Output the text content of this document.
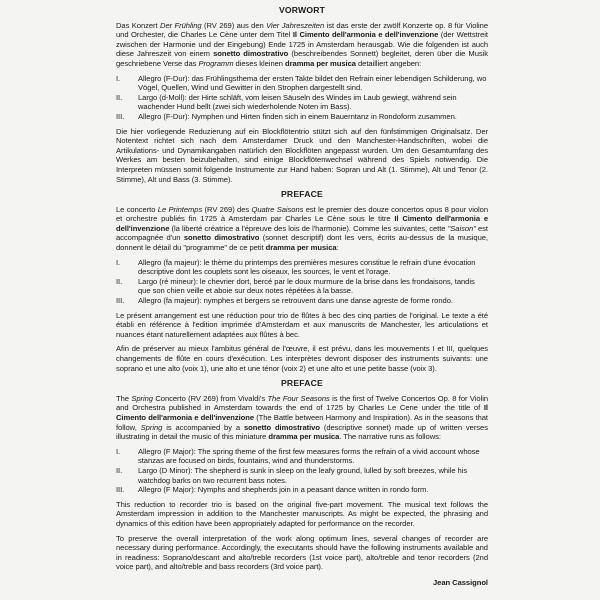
VORWORT

Das Konzert Der Frühling (RV 269) aus den Vier Jahreszeiten ist das erste der zwölf Konzerte op. 8 für Violine und Orchester, die Charles Le Cène unter dem Titel Il Cimento dell'armonia e dell'invenzione (der Wettstreit zwischen der Harmonie und der Eingebung) Ende 1725 in Amsterdam herausgab. Wie die folgenden ist auch diese Jahreszeit von einem sonetto dimostrativo (beschreibendes Sonnett) begleitet, deren über die Musik geschriebene Verse das Programm dieses kleinen dramma per musica detailliert angeben:

I. Allegro (F-Dur): das Frühlingsthema der ersten Takte bildet den Refrain einer lebendigen Schilderung, wo Vögel, Quellen, Wind und Gewitter in den Strophen dargestellt sind.
II. Largo (d-Moll): der Hirte schläft, vom leisen Säuseln des Windes im Laub gewiegt, während sein wachender Hund bellt (zwei sich wiederholende Noten im Bass).
III. Allegro (F-Dur): Nymphen und Hirten finden sich in einem Bauerntanz in Rondoform zusammen.

Die hier vorliegende Reduzierung auf ein Blockflötentrio stützt sich auf den fünfstimmigen Originalsatz. Der Notentext richtet sich nach dem Amsterdamer Druck und den Manchester-Handschriften, wobei die Artikulations- und Dynamikangaben natürlich den Blockflöten angepasst wurden. Um den Gesamtumfang des Werkes am besten beizubehalten, sind einige Blockflötenwechsel während des Spiels notwendig. Die Interpreten müssen somit folgende Instrumente zur Hand haben: Sopran und Alt (1. Stimme), Alt und Tenor (2. Stimme), Alt und Bass (3. Stimme).

PREFACE

Le concerto Le Printemps (RV 269) des Quatre Saisons est le premier des douze concertos opus 8 pour violon et orchestre publiés fin 1725 à Amsterdam par Charles Le Cène sous le titre Il Cimento dell'armonia e dell'invenzione (la liberté créatrice a l'épreuve des lois de l'harmonie). Comme les suivantes, cette "Saison" est accompagnée d'un sonetto dimostrativo (sonnet descriptif) dont les vers, écrits au-dessus de la musique, donnent le détail du "programme" de ce petit dramma per musica:

I. Allegro (fa majeur): le thème du printemps des premières mesures constitue le refrain d'une évocation descriptive dont les couplets sont les oiseaux, les sources, le vent et l'orage.
II. Largo (ré mineur): le chevrier dort, bercé par le doux murmure de la brise dans les frondaisons, tandis que son chien veille et aboie sur deux notes répétées à la basse.
III. Allegro (fa majeur): nymphes et bergers se retrouvent dans une danse agreste de forme rondo.

Le présent arrangement est une réduction pour trio de flûtes à bec des cinq parties de l'original. Le texte a été établi en référence à l'edition imprimée d'Amsterdam et aux manuscrits de Manchester, les articulations et nuances étant naturellement adaptées aux flûtes à bec.

Afin de préserver au mieux l'ambitus général de l'œuvre, il est prévu, dans les mouvements I et III, quelques changements de flûte en cours d'exécution. Les interprètes devront disposer des instruments suivants: une soprano et une alto (voix 1), une alto et une ténor (voix 2) et une alto et une petite basse (voix 3).

PREFACE

The Spring Concerto (RV 269) from Vivaldi's The Four Seasons is the first of Twelve Concertos Op. 8 for Violin and Orchestra published in Amsterdam towards the end of 1725 by Charles Le Cene under the title of Il Cimento dell'armonia e dell'invenzione (The Battle between Harmony and Inspiration). As in the seasons that follow, Spring is accompanied by a sonetto dimostrativo (descriptive sonnet) made up of written verses illustrating in detail the music of this miniature dramma per musica. The narrative runs as follows:

I. Allegro (F Major): The spring theme of the first few measures forms the refrain of a vivid account whose stanzas are focused on birds, fountains, wind and thunderstorms.
II. Largo (D Minor): The shepherd is sunk in sleep on the leafy ground, lulled by soft breezes, while his watchdog barks on two recurrent bass notes.
III. Allegro (F Major): Nymphs and shepherds join in a peasant dance written in rondo form.

This reduction to recorder trio is based on the original five-part movement. The musical text follows the Amsterdam impression in addition to the Manchester manuscripts. As might be expected, the phrasing and dynamics of this edition have been appropriately adapted for performance on the recorder.

To preserve the overall interpretation of the work along optimum lines, several changes of recorder are necessary during performance. Accordingly, the executants should have the following instruments available and in readiness: Soprano/descant and alto/treble recorders (1st voice part), alto/treble and tenor recorders (2nd voice part), and alto/treble and bass recorders (3rd voice part).

Jean Cassignol
